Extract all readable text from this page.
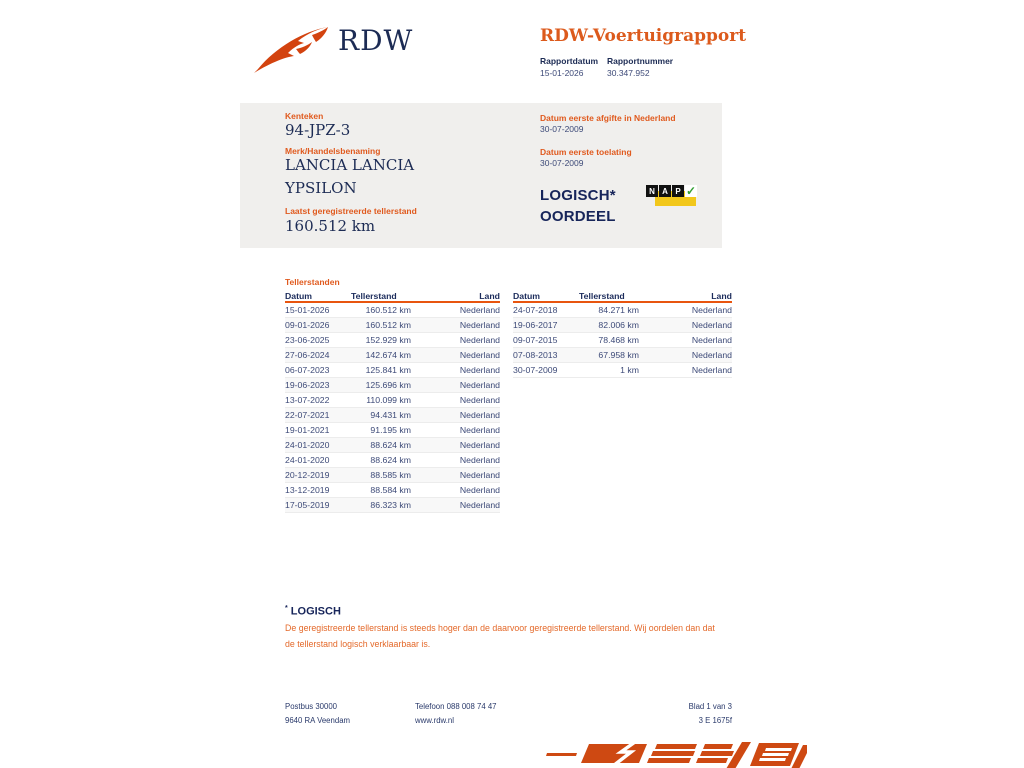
RDW	RDW-Voertuigrapport
Rapportdatum Rapportnummer
15-01-2026	30.347.952
Kenteken
94-JPZ-3
Merk/Handelsbenaming
LANCIA LANCIA
YPSILON
Laatst geregistreerde tellerstand
160.512 km
Datum eerste afgifte in Nederland
30-07-2009
Datum eerste toelating
30-07-2009
LOGISCH*
OORDEEL
N A P ✓
Tellerstanden
Datum	Tellerstand	Land
15-01-2026	160.512 km	Nederland
09-01-2026	160.512 km	Nederland
23-06-2025	152.929 km	Nederland
27-06-2024	142.674 km	Nederland
06-07-2023	125.841 km	Nederland
19-06-2023	125.696 km	Nederland
13-07-2022	110.099 km	Nederland
22-07-2021	94.431 km	Nederland
19-01-2021	91.195 km	Nederland
24-01-2020	88.624 km	Nederland
24-01-2020	88.624 km	Nederland
20-12-2019	88.585 km	Nederland
13-12-2019	88.584 km	Nederland
17-05-2019	86.323 km	Nederland
Datum	Tellerstand	Land
24-07-2018	84.271 km	Nederland
19-06-2017	82.006 km	Nederland
09-07-2015	78.468 km	Nederland
07-08-2013	67.958 km	Nederland
30-07-2009	1 km	Nederland
* LOGISCH
De geregistreerde tellerstand is steeds hoger dan de daarvoor geregistreerde tellerstand. Wij oordelen dan dat de tellerstand logisch verklaarbaar is.
Postbus 30000
9640 RA Veendam
Telefoon 088 008 74 47
www.rdw.nl
Blad 1 van 3
3 E 1675f
